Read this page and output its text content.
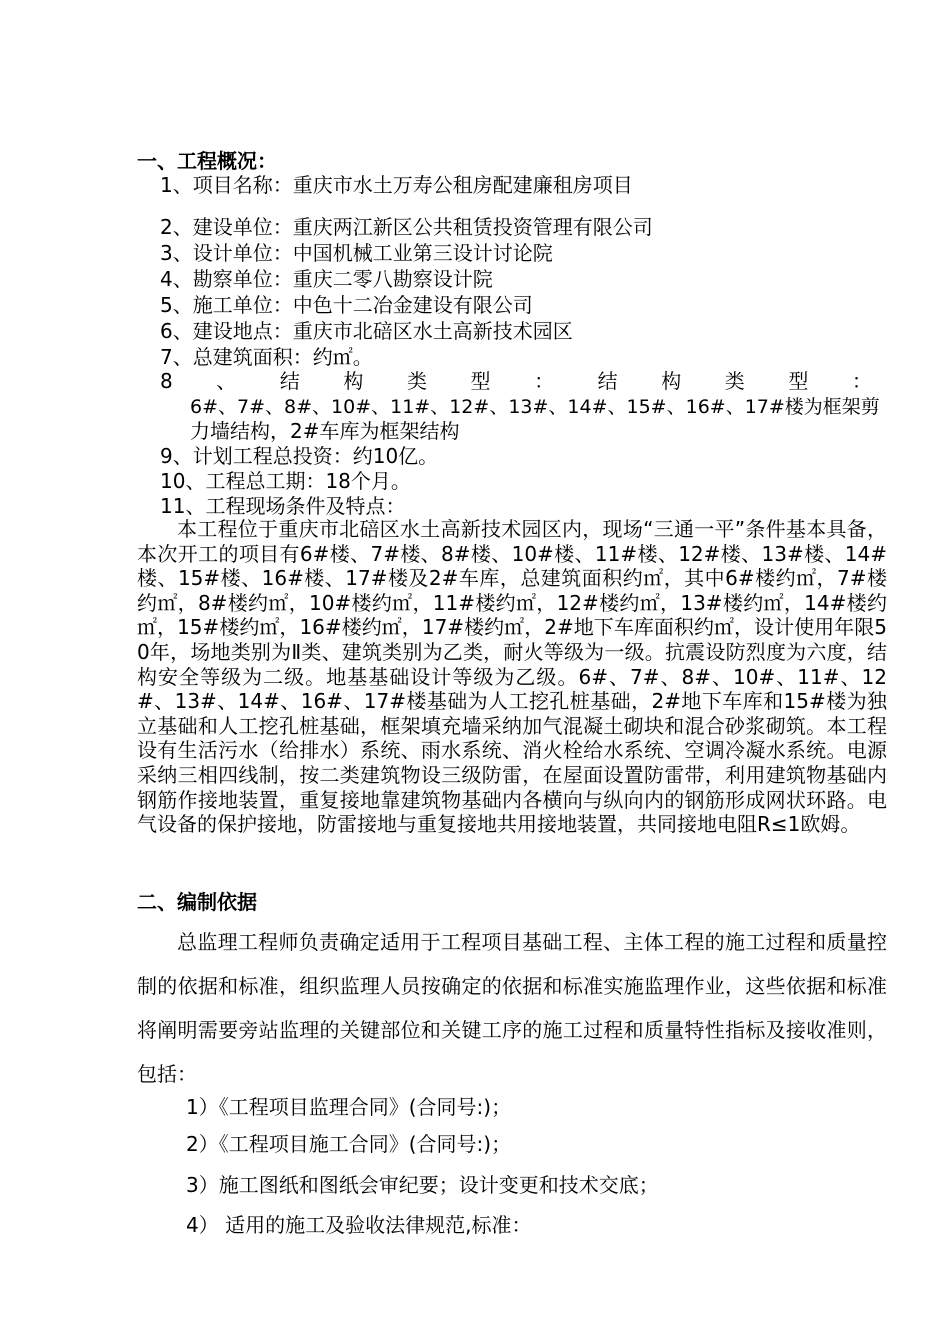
一、工程概况：
1、项目名称：重庆市水土万寿公租房配建廉租房项目
2、建设单位：重庆两江新区公共租赁投资管理有限公司
3、设计单位：中国机械工业第三设计讨论院
4、勘察单位：重庆二零八勘察设计院
5、施工单位：中色十二冶金建设有限公司
6、建设地点：重庆市北碚区水土高新技术园区
7、总建筑面积：约㎡。
8 、 结 构 类 型 ： 结 构 类 型 ：
6#、7#、8#、10#、11#、12#、13#、14#、15#、16#、17#楼为框架剪
力墙结构，2#车库为框架结构
9、计划工程总投资：约10亿。
10、工程总工期：18个月。
11、工程现场条件及特点：
本工程位于重庆市北碚区水土高新技术园区内，现场“三通一平”条件基本具备，本次开工的项目有6#楼、7#楼、8#楼、10#楼、11#楼、12#楼、13#楼、14#楼、15#楼、16#楼、17#楼及2#车库，总建筑面积约㎡，其中6#楼约㎡，7#楼约㎡，8#楼约㎡，10#楼约㎡，11#楼约㎡，12#楼约㎡，13#楼约㎡，14#楼约㎡，15#楼约㎡，16#楼约㎡，17#楼约㎡，2#地下车库面积约㎡，设计使用年限50年，场地类别为Ⅱ类、建筑类别为乙类，耐火等级为一级。抗震设防烈度为六度，结构安全等级为二级。地基基础设计等级为乙级。6#、7#、8#、10#、11#、12#、13#、14#、16#、17#楼基础为人工挖孔桩基础，2#地下车库和15#楼为独立基础和人工挖孔桩基础，框架填充墙采纳加气混凝土砌块和混合砂浆砌筑。本工程设有生活污水（给排水）系统、雨水系统、消火栓给水系统、空调冷凝水系统。电源采纳三相四线制，按二类建筑物设三级防雷，在屋面设置防雷带，利用建筑物基础内钢筋作接地装置，重复接地靠建筑物基础内各横向与纵向内的钢筋形成网状环路。电气设备的保护接地，防雷接地与重复接地共用接地装置，共同接地电阻R≤1欧姆。
二、编制依据
总监理工程师负责确定适用于工程项目基础工程、主体工程的施工过程和质量控制的依据和标准，组织监理人员按确定的依据和标准实施监理作业，这些依据和标准将阐明需要旁站监理的关键部位和关键工序的施工过程和质量特性指标及接收准则，包括：
1）《工程项目监理合同》(合同号:)；
2）《工程项目施工合同》(合同号:)；
3）施工图纸和图纸会审纪要；设计变更和技术交底；
4） 适用的施工及验收法律规范,标准：
